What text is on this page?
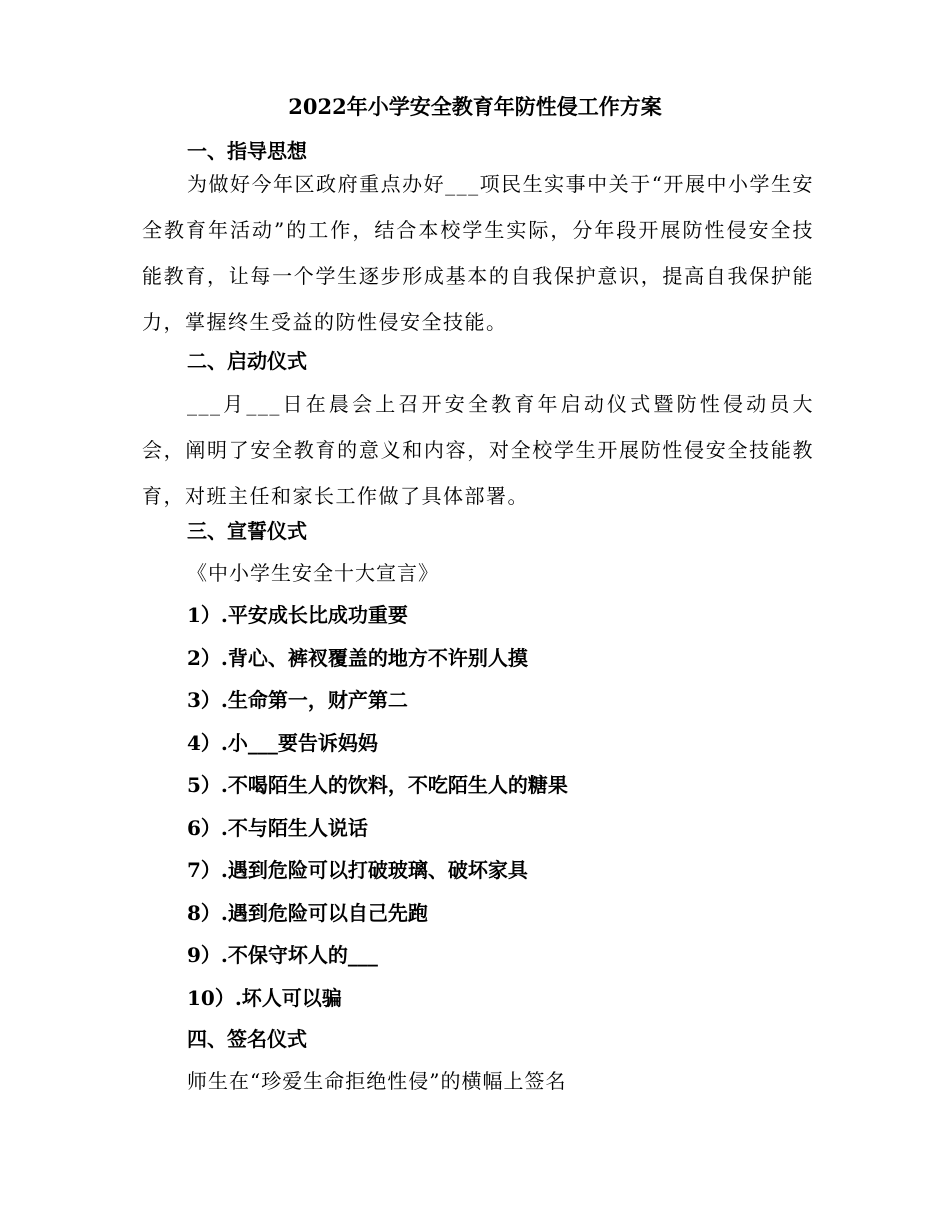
2022年小学安全教育年防性侵工作方案
一、指导思想

为做好今年区政府重点办好___项民生实事中关于“开展中小学生安全教育年活动”的工作，结合本校学生实际，分年段开展防性侵安全技能教育，让每一个学生逐步形成基本的自我保护意识，提高自我保护能力，掌握终生受益的防性侵安全技能。

二、启动仪式

___月___日在晨会上召开安全教育年启动仪式暨防性侵动员大会，阐明了安全教育的意义和内容，对全校学生开展防性侵安全技能教育，对班主任和家长工作做了具体部署。

三、宣誓仪式
《中小学生安全十大宣言》
1）.平安成长比成功重要
2）.背心、裤衩覆盖的地方不许别人摸
3）.生命第一，财产第二
4）.小___要告诉妈妈
5）.不喝陌生人的饮料，不吃陌生人的糖果
6）.不与陌生人说话
7）.遇到危险可以打破玻璃、破坏家具
8）.遇到危险可以自己先跑
9）.不保守坏人的___
10）.坏人可以骗
四、签名仪式
师生在“珍爱生命拒绝性侵”的横幅上签名
